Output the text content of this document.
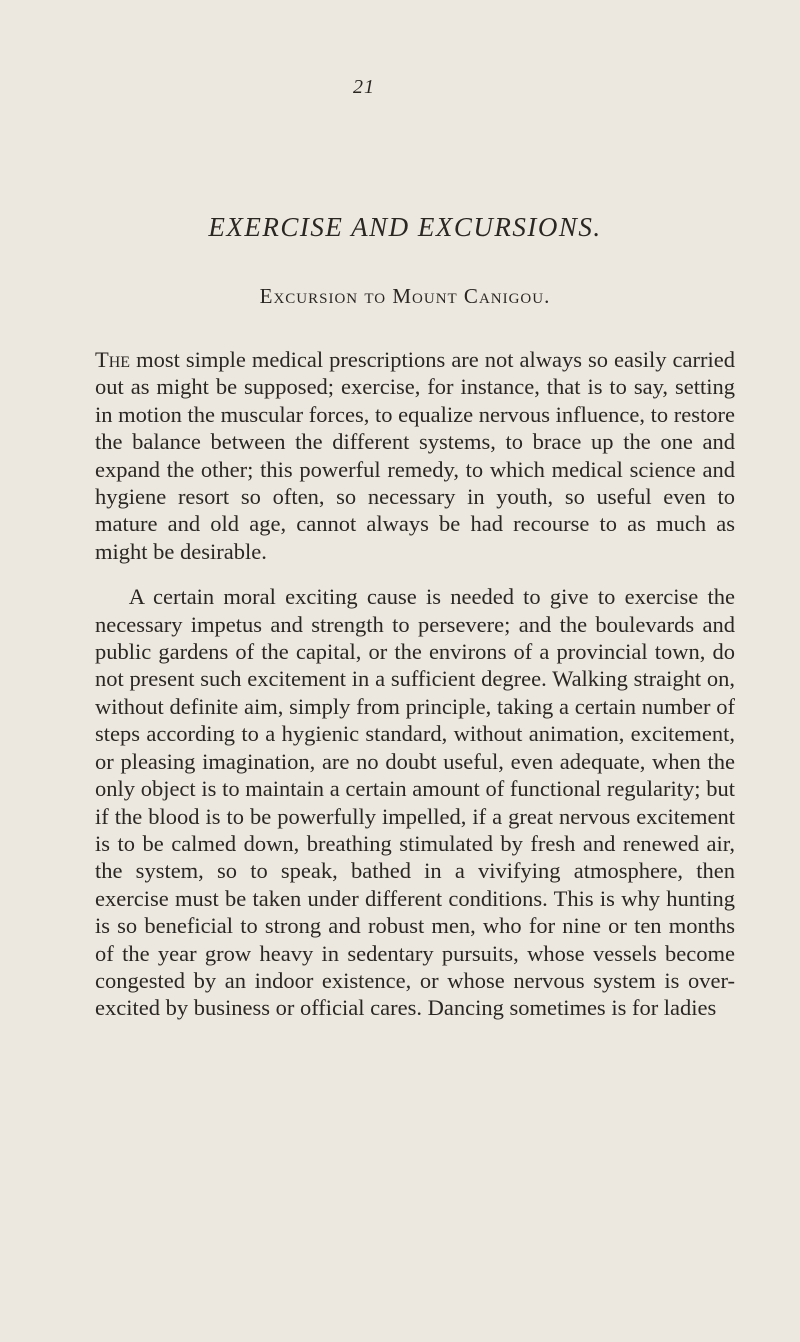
21
EXERCISE AND EXCURSIONS.
Excursion to Mount Canigou.

The most simple medical prescriptions are not always so easily carried out as might be supposed; exercise, for instance, that is to say, setting in motion the muscular forces, to equalize nervous influence, to restore the balance between the different systems, to brace up the one and expand the other; this powerful remedy, to which medical science and hygiene resort so often, so necessary in youth, so useful even to mature and old age, cannot always be had recourse to as much as might be desirable.

A certain moral exciting cause is needed to give to exercise the necessary impetus and strength to persevere; and the boulevards and public gardens of the capital, or the environs of a provincial town, do not present such excitement in a sufficient degree. Walking straight on, without definite aim, simply from principle, taking a certain number of steps according to a hygienic standard, without animation, excitement, or pleasing imagination, are no doubt useful, even adequate, when the only object is to maintain a certain amount of functional regularity; but if the blood is to be powerfully impelled, if a great nervous excitement is to be calmed down, breathing stimulated by fresh and renewed air, the system, so to speak, bathed in a vivifying atmosphere, then exercise must be taken under different conditions. This is why hunting is so beneficial to strong and robust men, who for nine or ten months of the year grow heavy in sedentary pursuits, whose vessels become congested by an indoor existence, or whose nervous system is over-excited by business or official cares. Dancing sometimes is for ladies
